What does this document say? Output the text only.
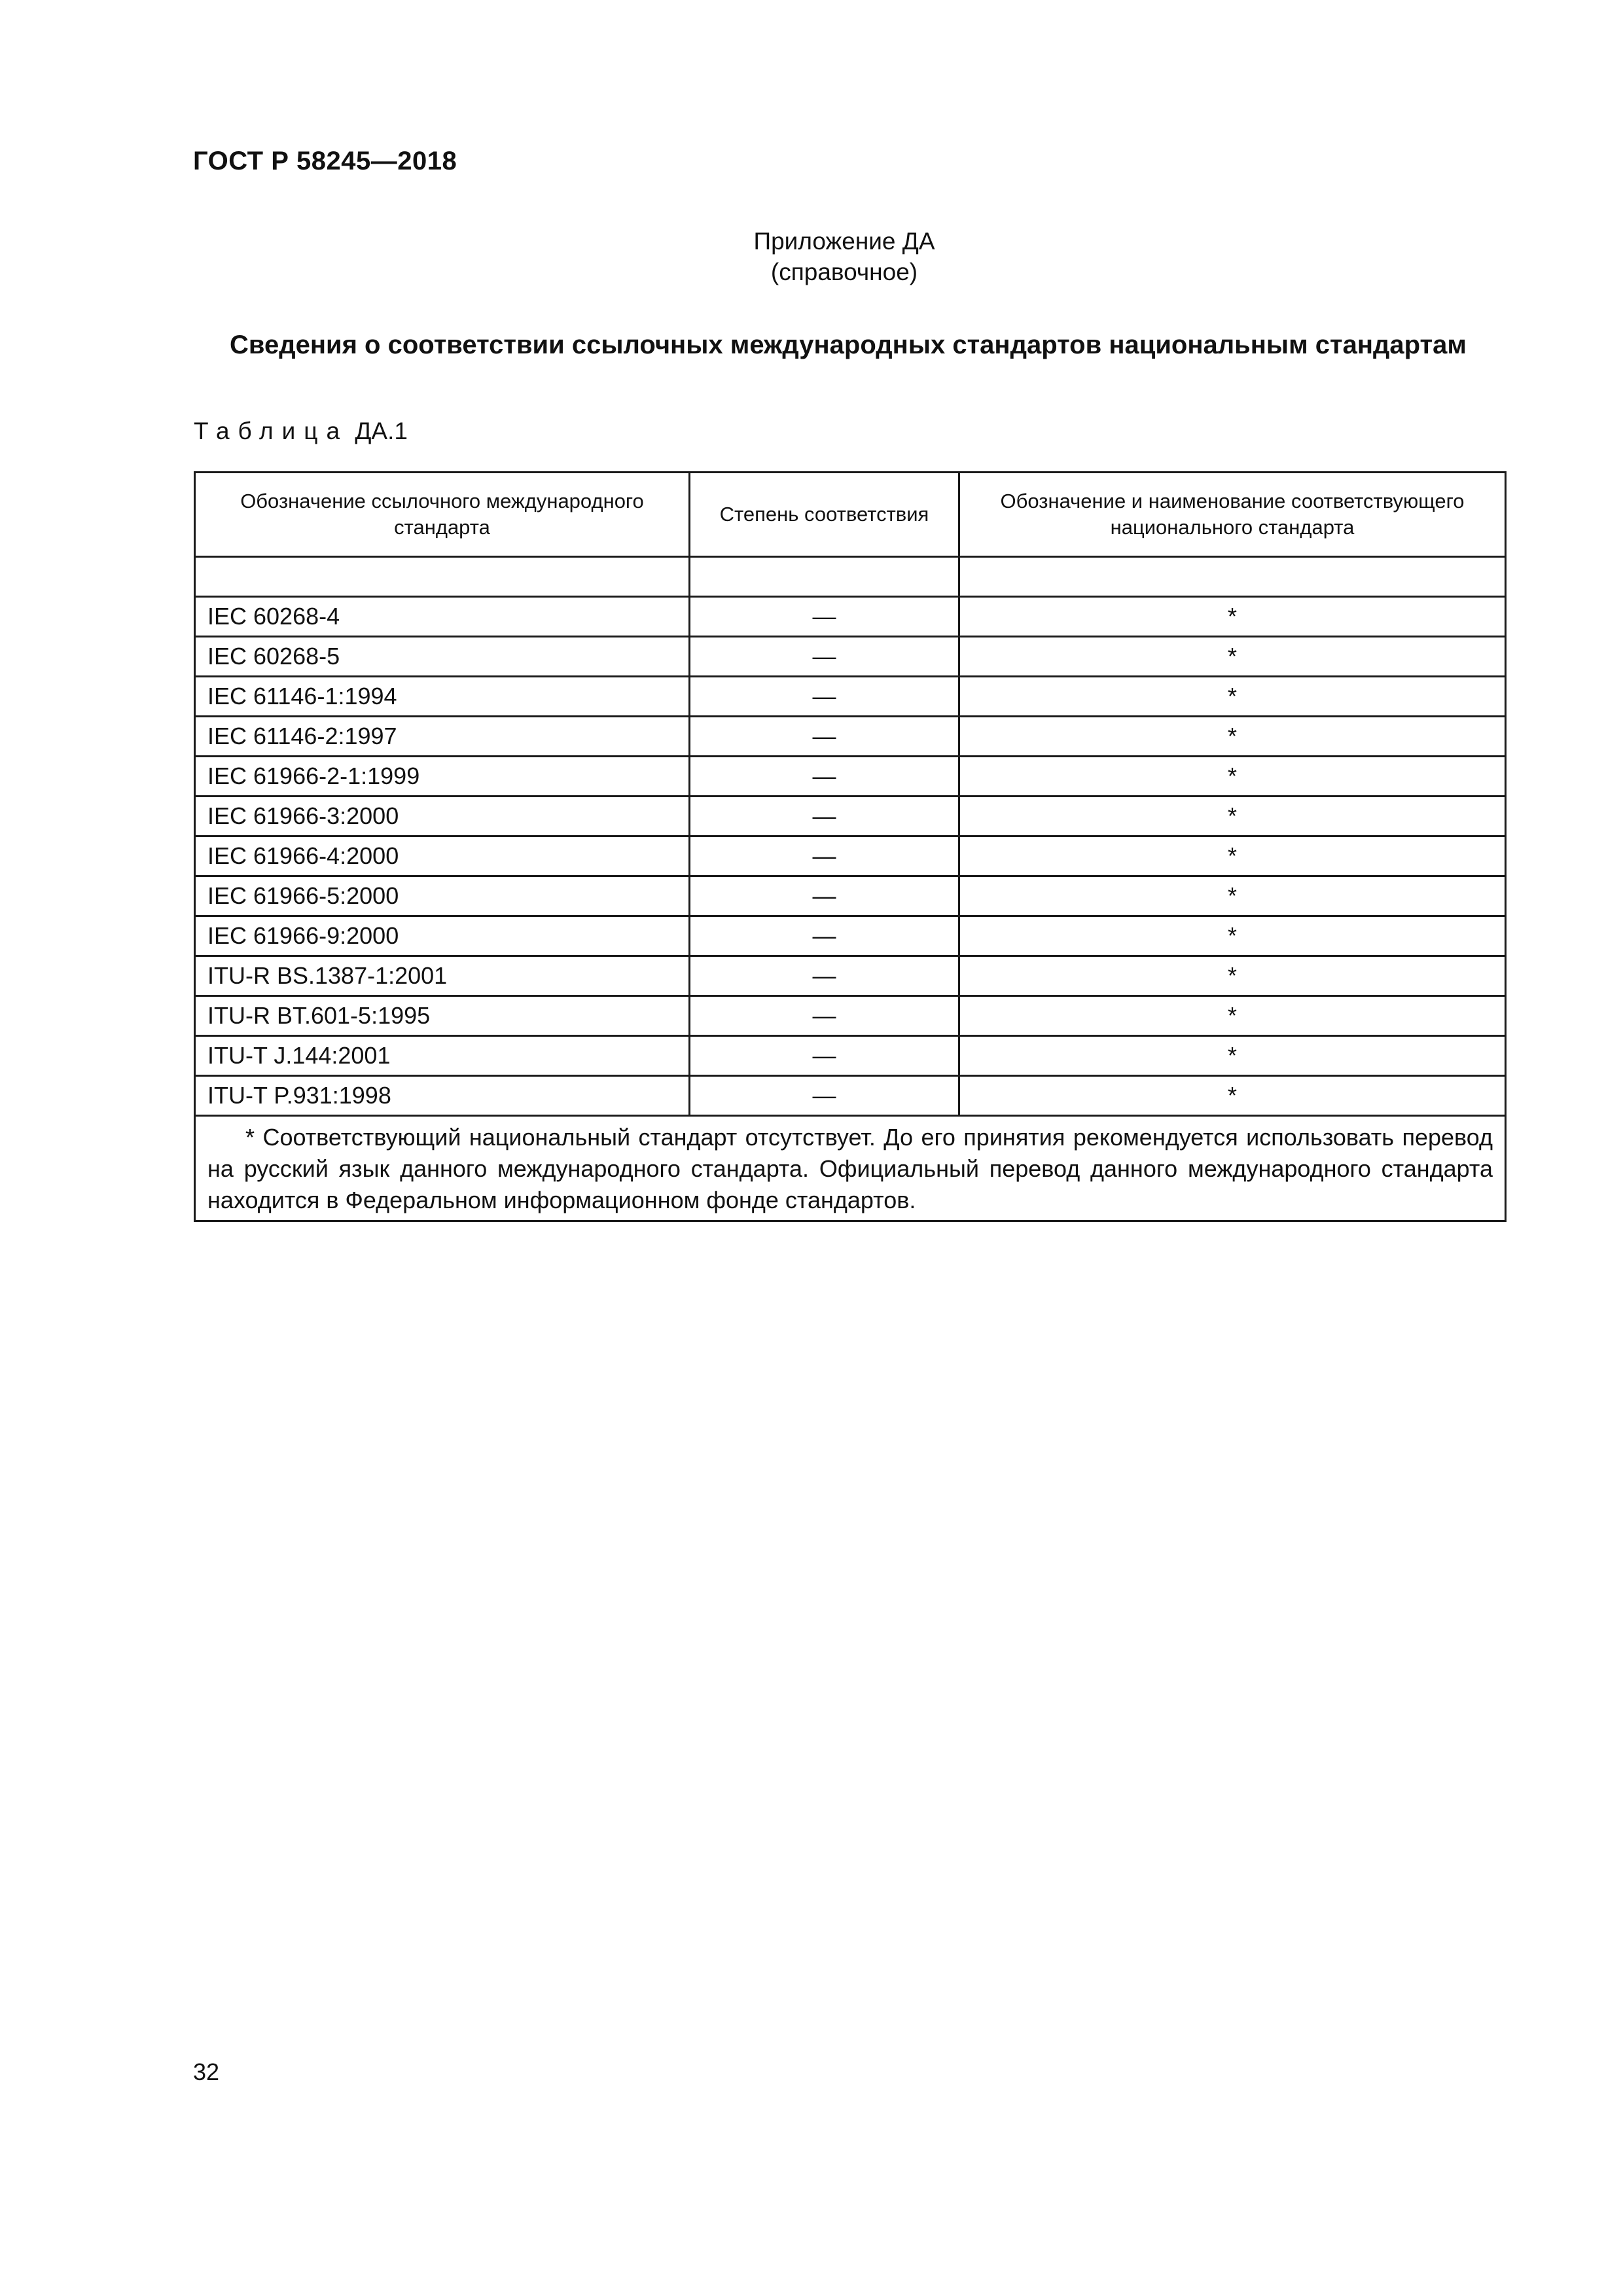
ГОСТ Р 58245—2018
Приложение ДА
(справочное)
Сведения о соответствии ссылочных международных стандартов национальным стандартам
Таблица ДА.1
Обозначение ссылочного международного стандарта	Степень соответствия	Обозначение и наименование соответствующего национального стандарта

IEC 60268-4	—	*
IEC 60268-5	—	*
IEC 61146-1:1994	—	*
IEC 61146-2:1997	—	*
IEC 61966-2-1:1999	—	*
IEC 61966-3:2000	—	*
IEC 61966-4:2000	—	*
IEC 61966-5:2000	—	*
IEC 61966-9:2000	—	*
ITU-R BS.1387-1:2001	—	*
ITU-R BT.601-5:1995	—	*
ITU-T J.144:2001	—	*
ITU-T P.931:1998	—	*
* Соответствующий национальный стандарт отсутствует. До его принятия рекомендуется использовать перевод на русский язык данного международного стандарта. Официальный перевод данного международного стандарта находится в Федеральном информационном фонде стандартов.		
32
